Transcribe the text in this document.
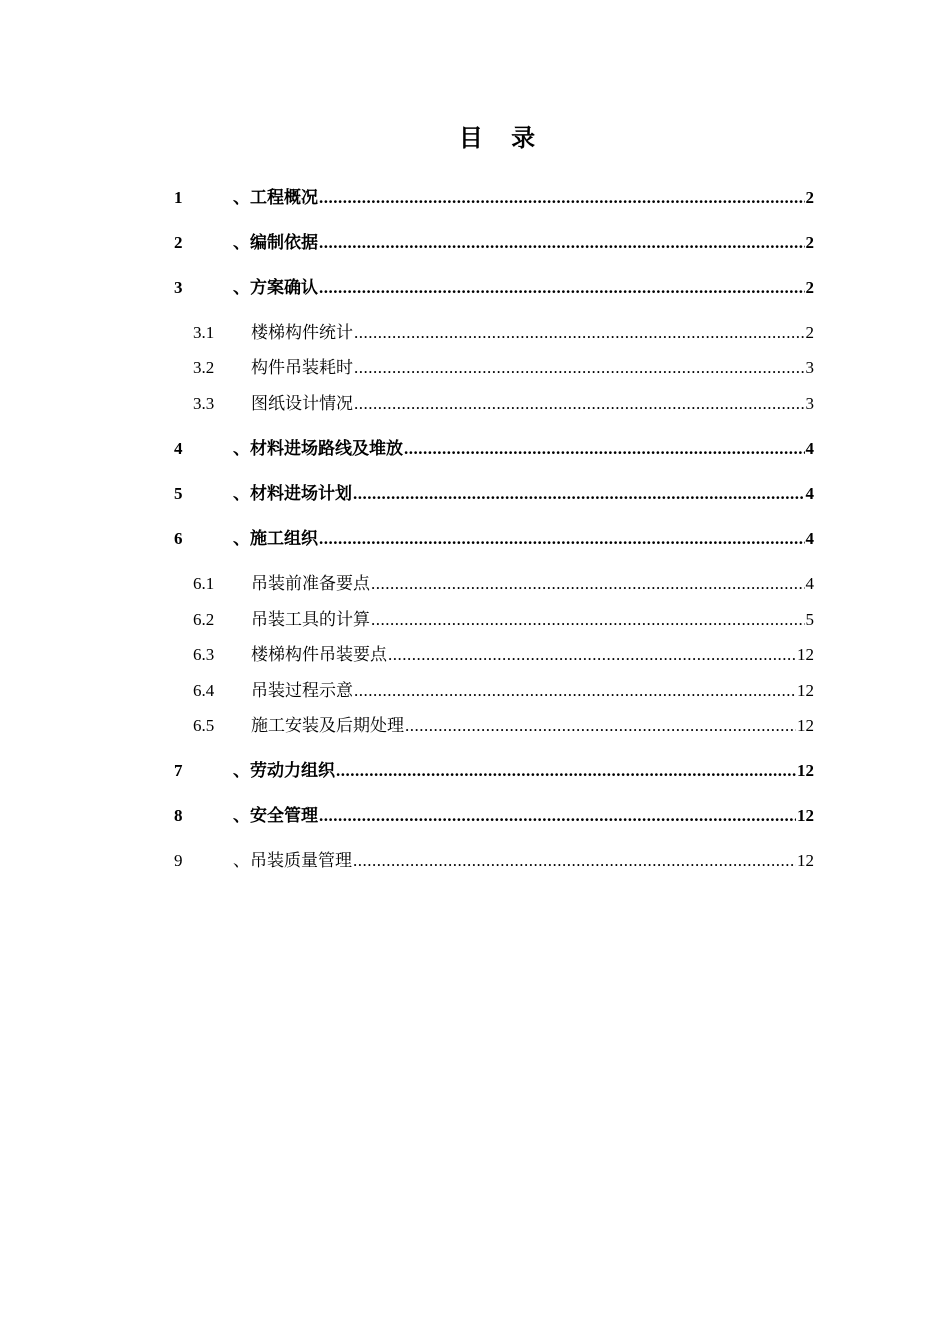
目 录
1	、工程概况 .....	2
2	、编制依据 .....	2
3	、方案确认 .....	2
3.1	楼梯构件统计 .....	2
3.2	构件吊装耗时 .....	3
3.3	图纸设计情况 .....	3
4	、材料进场路线及堆放 .....	4
5	、材料进场计划 .....	4
6	、施工组织 .....	4
6.1	吊装前准备要点 .....	4
6.2	吊装工具的计算 .....	5
6.3	楼梯构件吊装要点 .....	12
6.4	吊装过程示意 .....	12
6.5	施工安装及后期处理 .....	12
7	、劳动力组织 .....	12
8	、安全管理 .....	12
9	、吊装质量管理 .....	12
